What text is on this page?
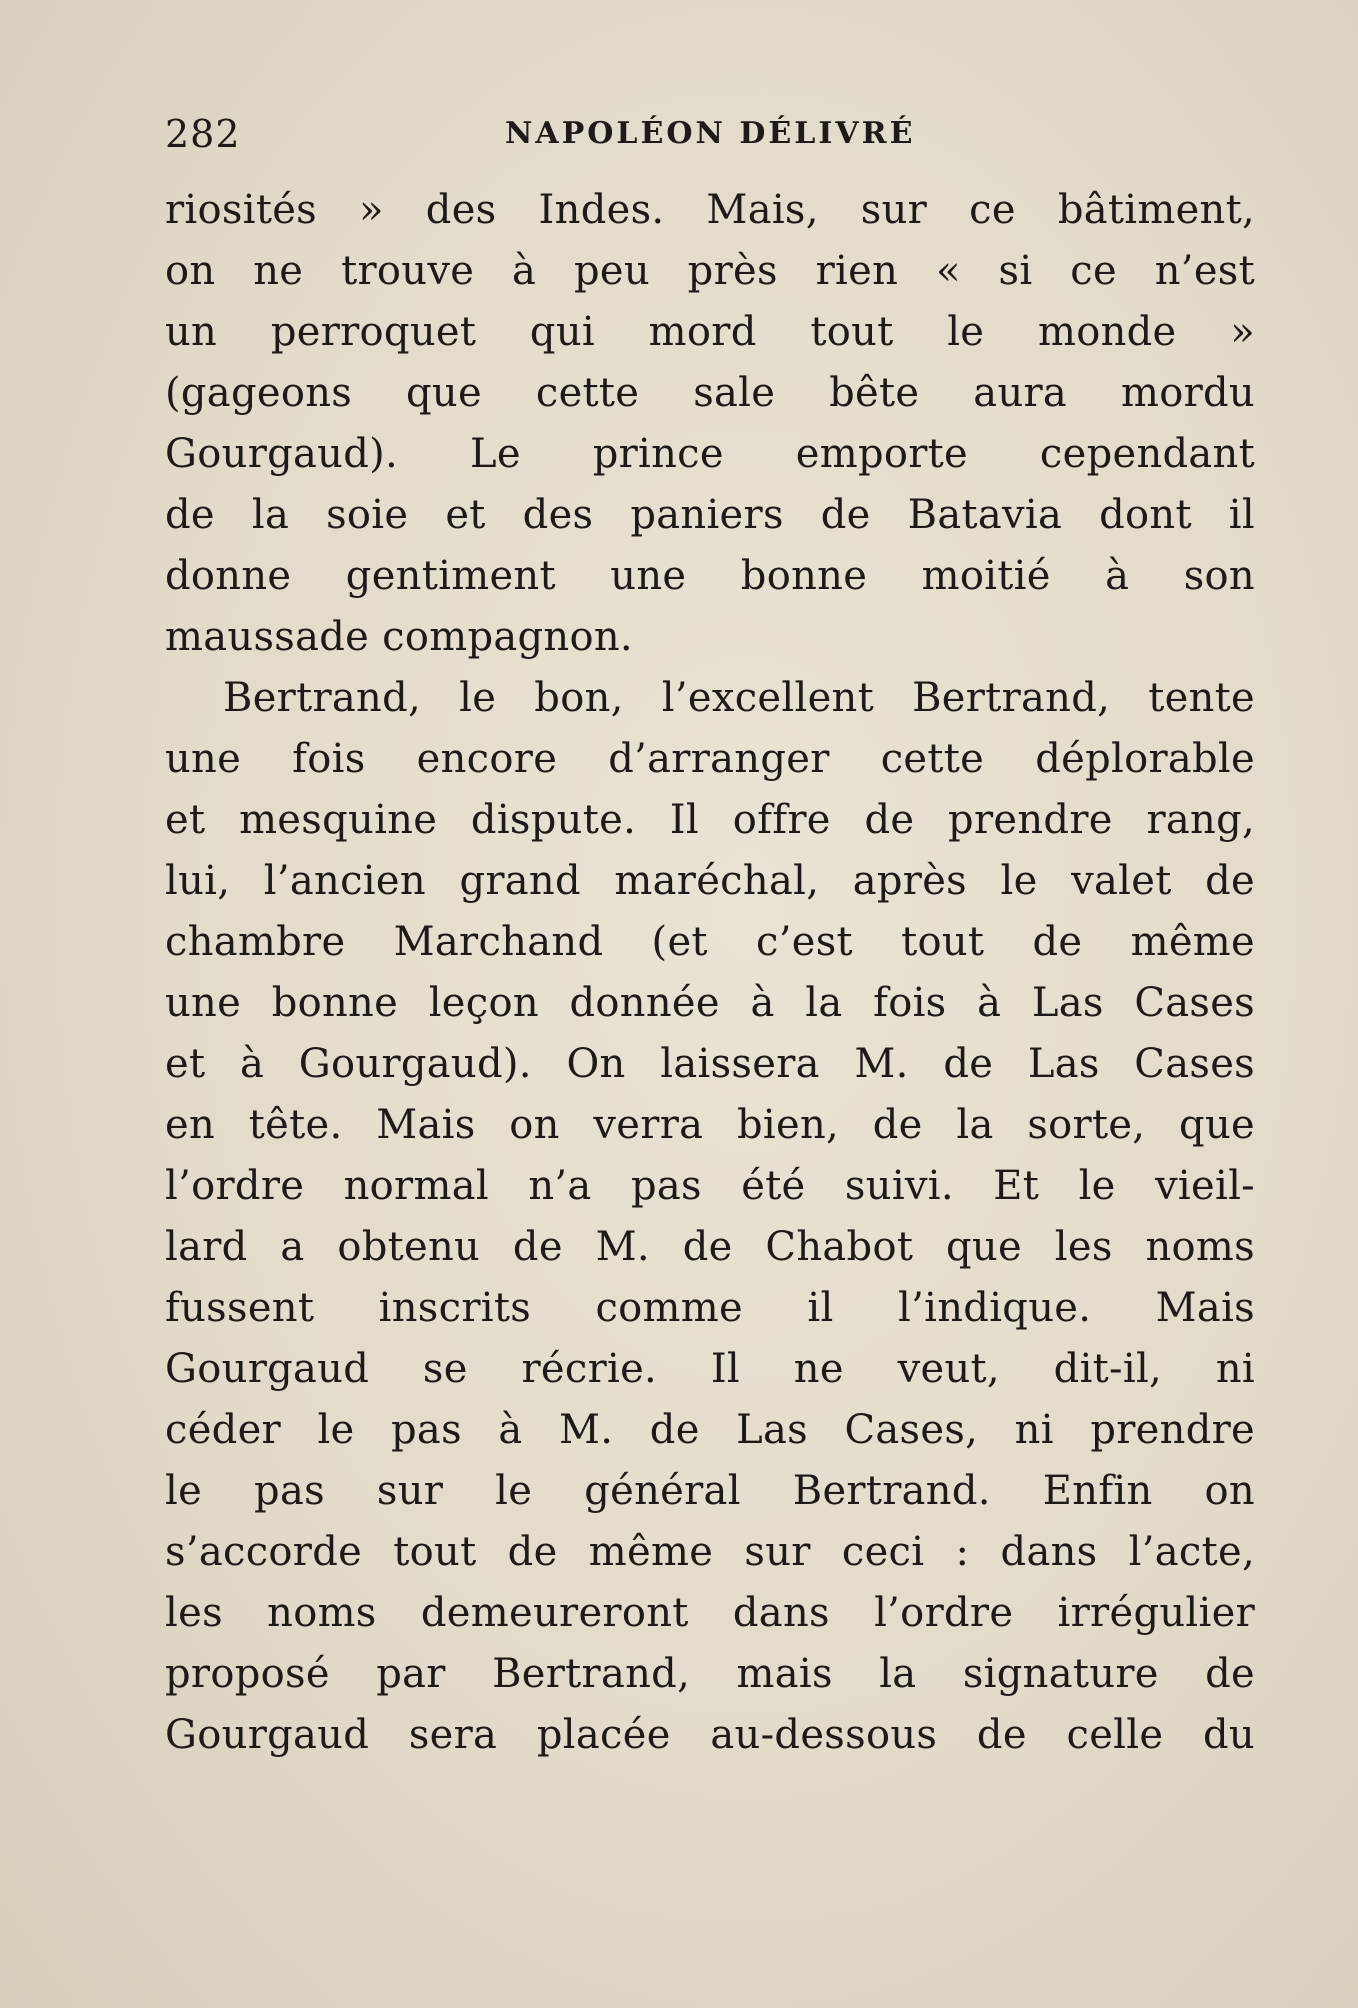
282	NAPOLÉON DÉLIVRÉ
riosités » des Indes. Mais, sur ce bâtiment,
on ne trouve à peu près rien « si ce n’est
un perroquet qui mord tout le monde »
(gageons que cette sale bête aura mordu
Gourgaud). Le prince emporte cependant
de la soie et des paniers de Batavia dont il
donne gentiment une bonne moitié à son
maussade compagnon.
Bertrand, le bon, l’excellent Bertrand, tente
une fois encore d’arranger cette déplorable
et mesquine dispute. Il offre de prendre rang,
lui, l’ancien grand maréchal, après le valet de
chambre Marchand (et c’est tout de même
une bonne leçon donnée à la fois à Las Cases
et à Gourgaud). On laissera M. de Las Cases
en tête. Mais on verra bien, de la sorte, que
l’ordre normal n’a pas été suivi. Et le vieil-
lard a obtenu de M. de Chabot que les noms
fussent inscrits comme il l’indique. Mais
Gourgaud se récrie. Il ne veut, dit-il, ni
céder le pas à M. de Las Cases, ni prendre
le pas sur le général Bertrand. Enfin on
s’accorde tout de même sur ceci : dans l’acte,
les noms demeureront dans l’ordre irrégulier
proposé par Bertrand, mais la signature de
Gourgaud sera placée au-dessous de celle du
